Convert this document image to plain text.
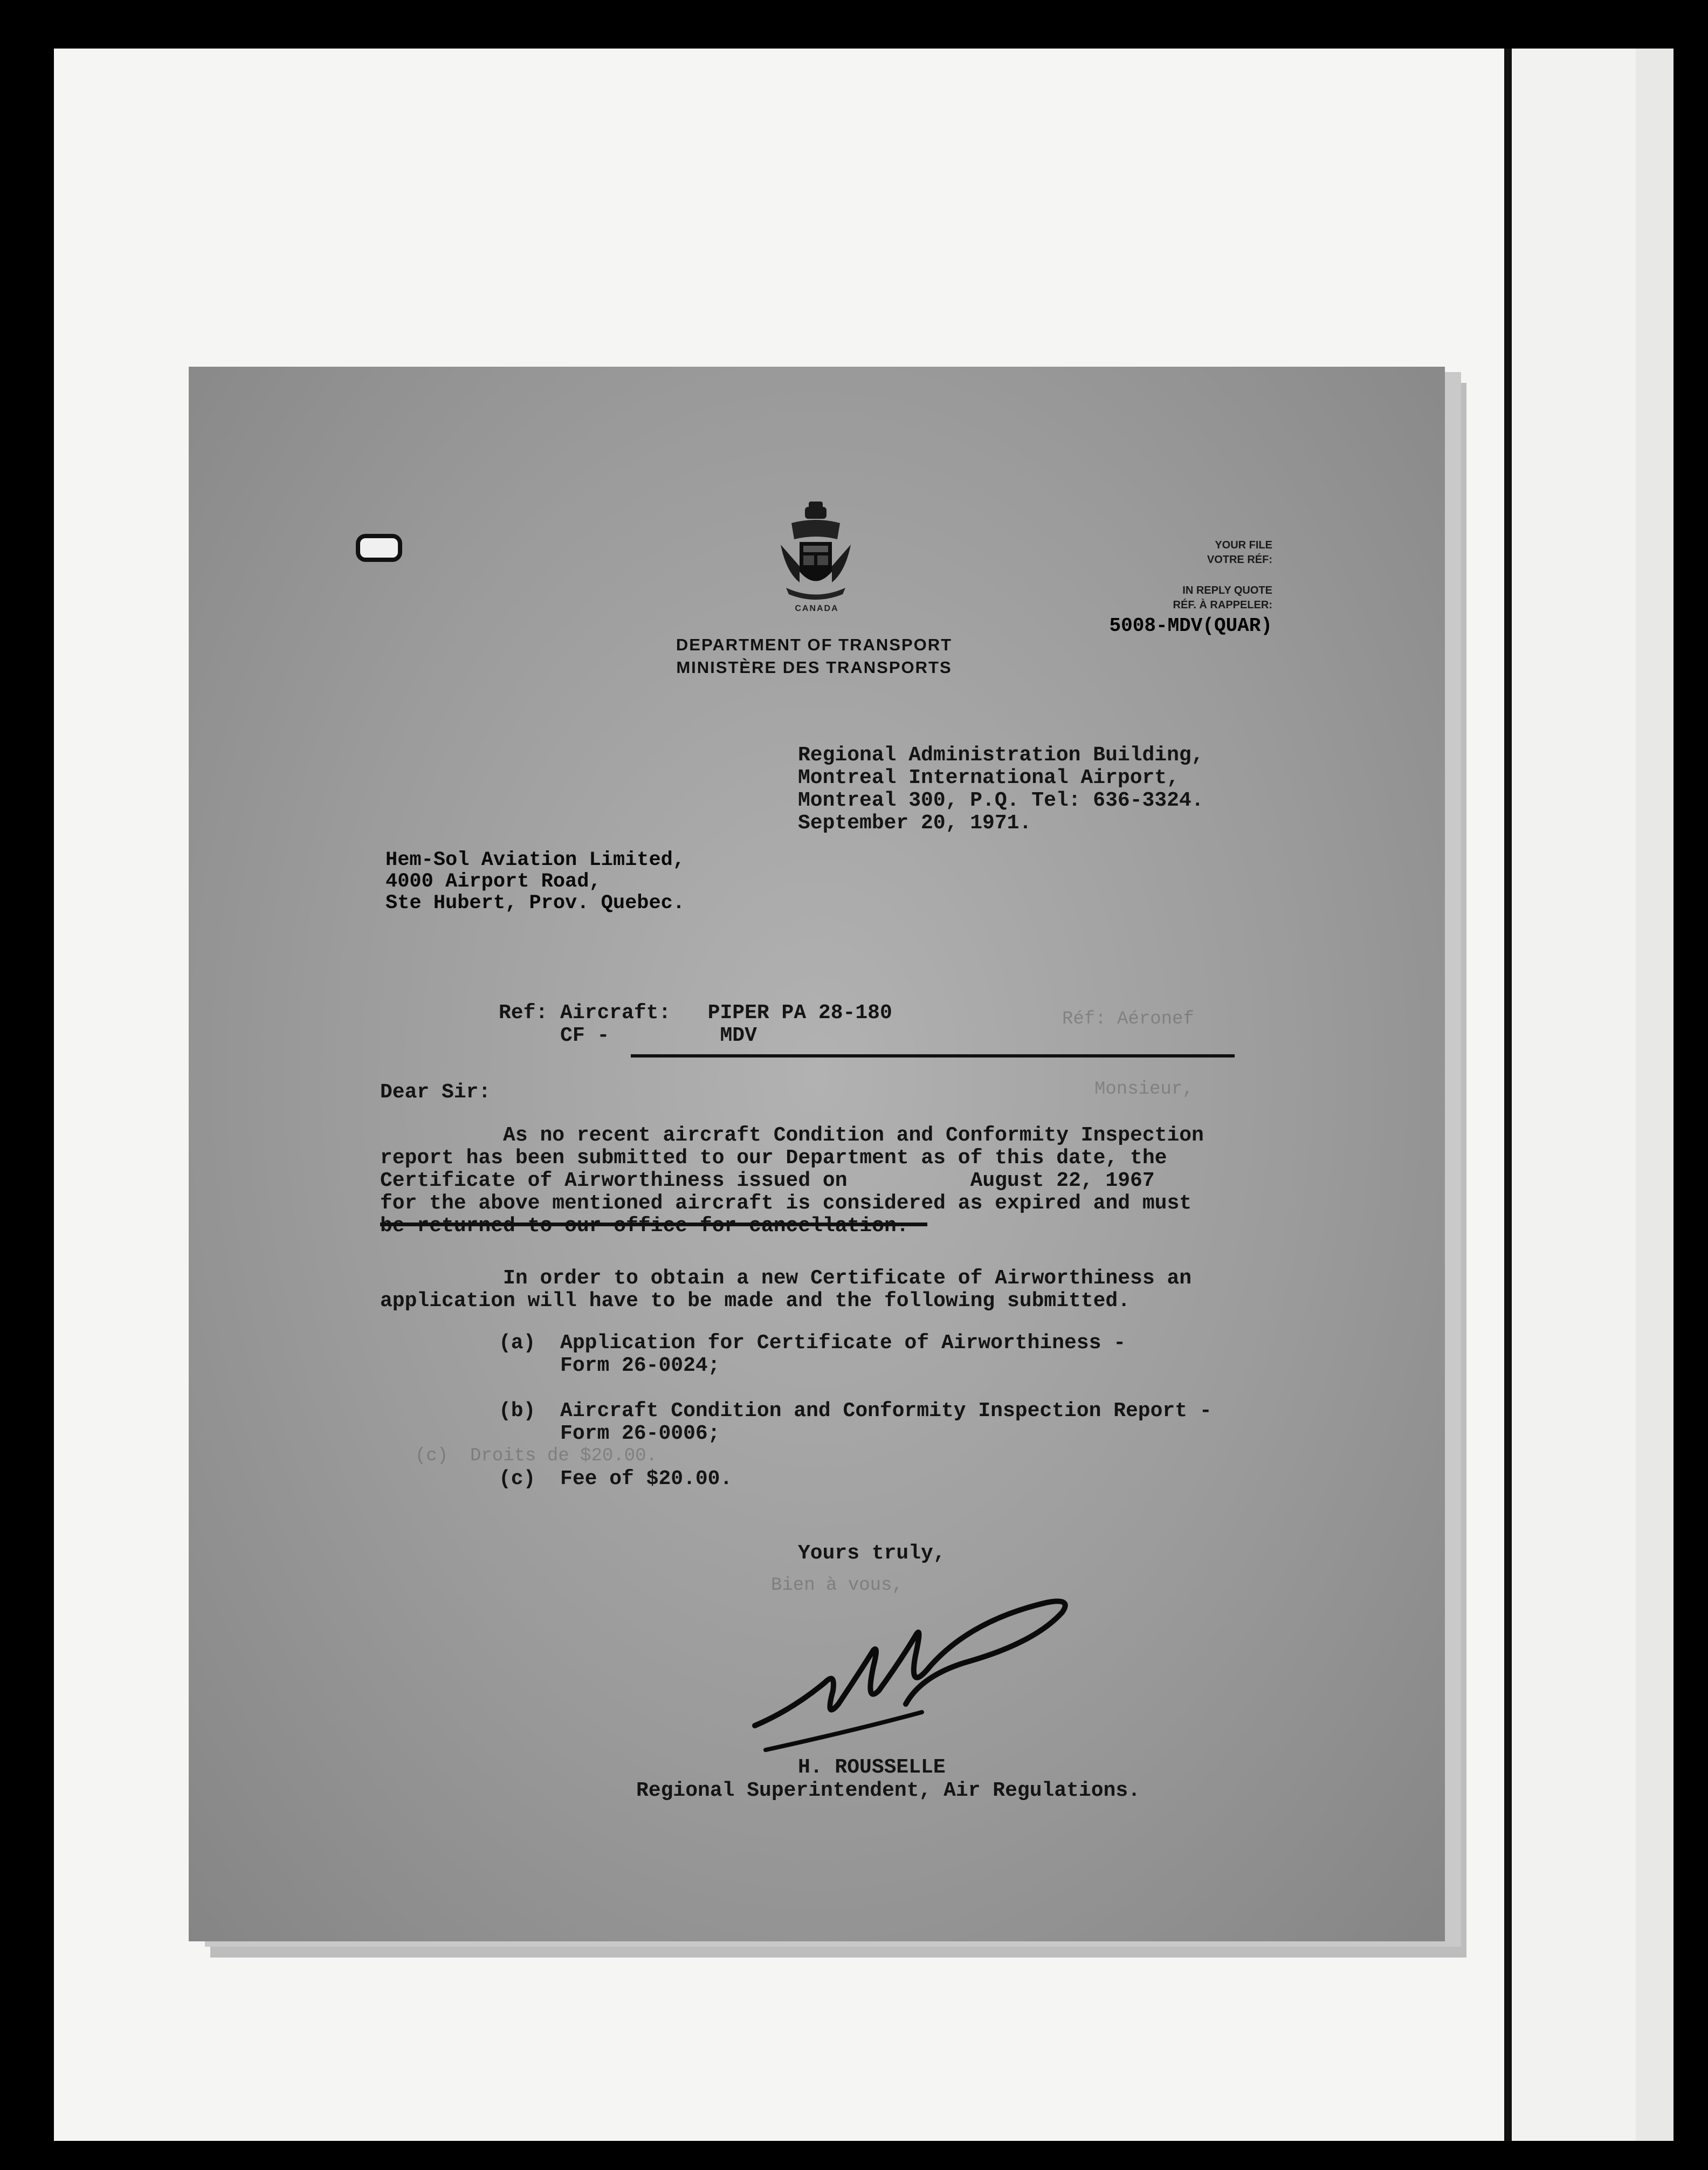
Réf: Aéronef
Monsieur,
Bien à vous,
(c)  Droits de $20.00.
CANADA
DEPARTMENT OF TRANSPORT
MINISTÈRE DES TRANSPORTS
YOUR FILE
VOTRE RÉF:
IN REPLY QUOTE
RÉF. À RAPPELER:
5008-MDV(QUAR)
Regional Administration Building,
Montreal International Airport,
Montreal 300, P.Q. Tel: 636-3324.
September 20, 1971.
Hem-Sol Aviation Limited,
4000 Airport Road,
Ste Hubert, Prov. Quebec.
Ref: Aircraft: PIPER PA 28-180
CF -	MDV
Dear Sir:
As no recent aircraft Condition and Conformity Inspection
report has been submitted to our Department as of this date, the
Certificate of Airworthiness issued on          August 22, 1967
for the above mentioned aircraft is considered as expired and must
In order to obtain a new Certificate of Airworthiness an
application will have to be made and the following submitted.
(a) Application for Certificate of Airworthiness -
Form 26-0024;
(b) Aircraft Condition and Conformity Inspection Report -
Form 26-0006;
(c) Fee of $20.00.
Yours truly,
H. ROUSSELLE
Regional Superintendent, Air Regulations.
